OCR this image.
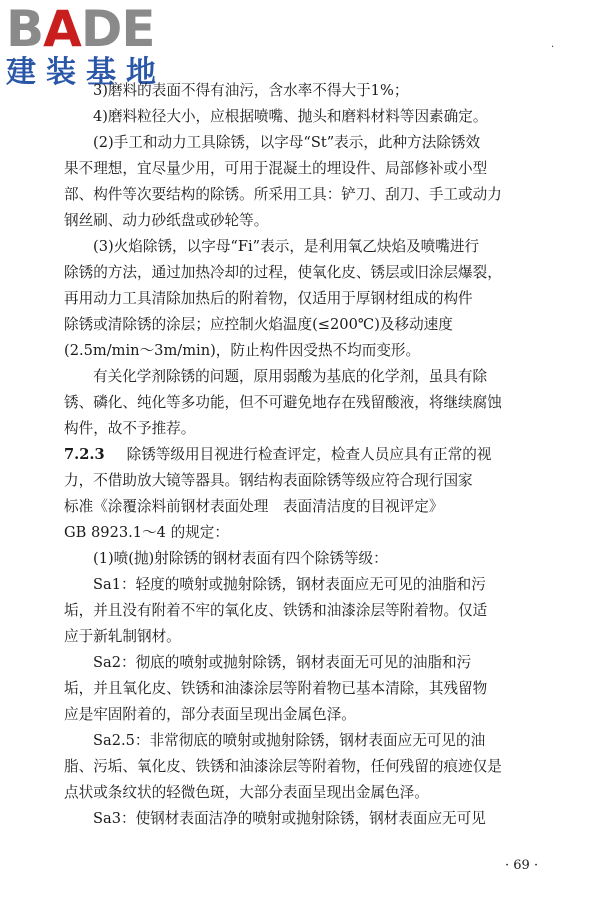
BADE
建装基地
·
3)磨料的表面不得有油污，含水率不得大于1%；
4)磨料粒径大小，应根据喷嘴、抛头和磨料材料等因素确定。
(2)手工和动力工具除锈，以字母“St”表示，此种方法除锈效
果不理想，宜尽量少用，可用于混凝土的埋设件、局部修补或小型
部、构件等次要结构的除锈。所采用工具：铲刀、刮刀、手工或动力
钢丝刷、动力砂纸盘或砂轮等。
(3)火焰除锈，以字母“Fi”表示，是利用氧乙炔焰及喷嘴进行
除锈的方法，通过加热冷却的过程，使氧化皮、锈层或旧涂层爆裂，
再用动力工具清除加热后的附着物，仅适用于厚钢材组成的构件
除锈或清除锈的涂层；应控制火焰温度(≤200℃)及移动速度
(2.5m/min～3m/min)，防止构件因受热不均而变形。
有关化学剂除锈的问题，原用弱酸为基底的化学剂，虽具有除
锈、磷化、纯化等多功能，但不可避免地存在残留酸液，将继续腐蚀
构件，故不予推荐。
7.2.3 除锈等级用目视进行检查评定，检查人员应具有正常的视
力，不借助放大镜等器具。钢结构表面除锈等级应符合现行国家
标准《涂覆涂料前钢材表面处理　表面清洁度的目视评定》
GB 8923.1～4 的规定：
(1)喷(抛)射除锈的钢材表面有四个除锈等级：
Sa1：轻度的喷射或抛射除锈，钢材表面应无可见的油脂和污
垢，并且没有附着不牢的氧化皮、铁锈和油漆涂层等附着物。仅适
应于新轧制钢材。
Sa2：彻底的喷射或抛射除锈，钢材表面无可见的油脂和污
垢，并且氧化皮、铁锈和油漆涂层等附着物已基本清除，其残留物
应是牢固附着的，部分表面呈现出金属色泽。
Sa2.5：非常彻底的喷射或抛射除锈，钢材表面应无可见的油
脂、污垢、氧化皮、铁锈和油漆涂层等附着物，任何残留的痕迹仅是
点状或条纹状的轻微色斑，大部分表面呈现出金属色泽。
Sa3：使钢材表面洁净的喷射或抛射除锈，钢材表面应无可见
· 69 ·
